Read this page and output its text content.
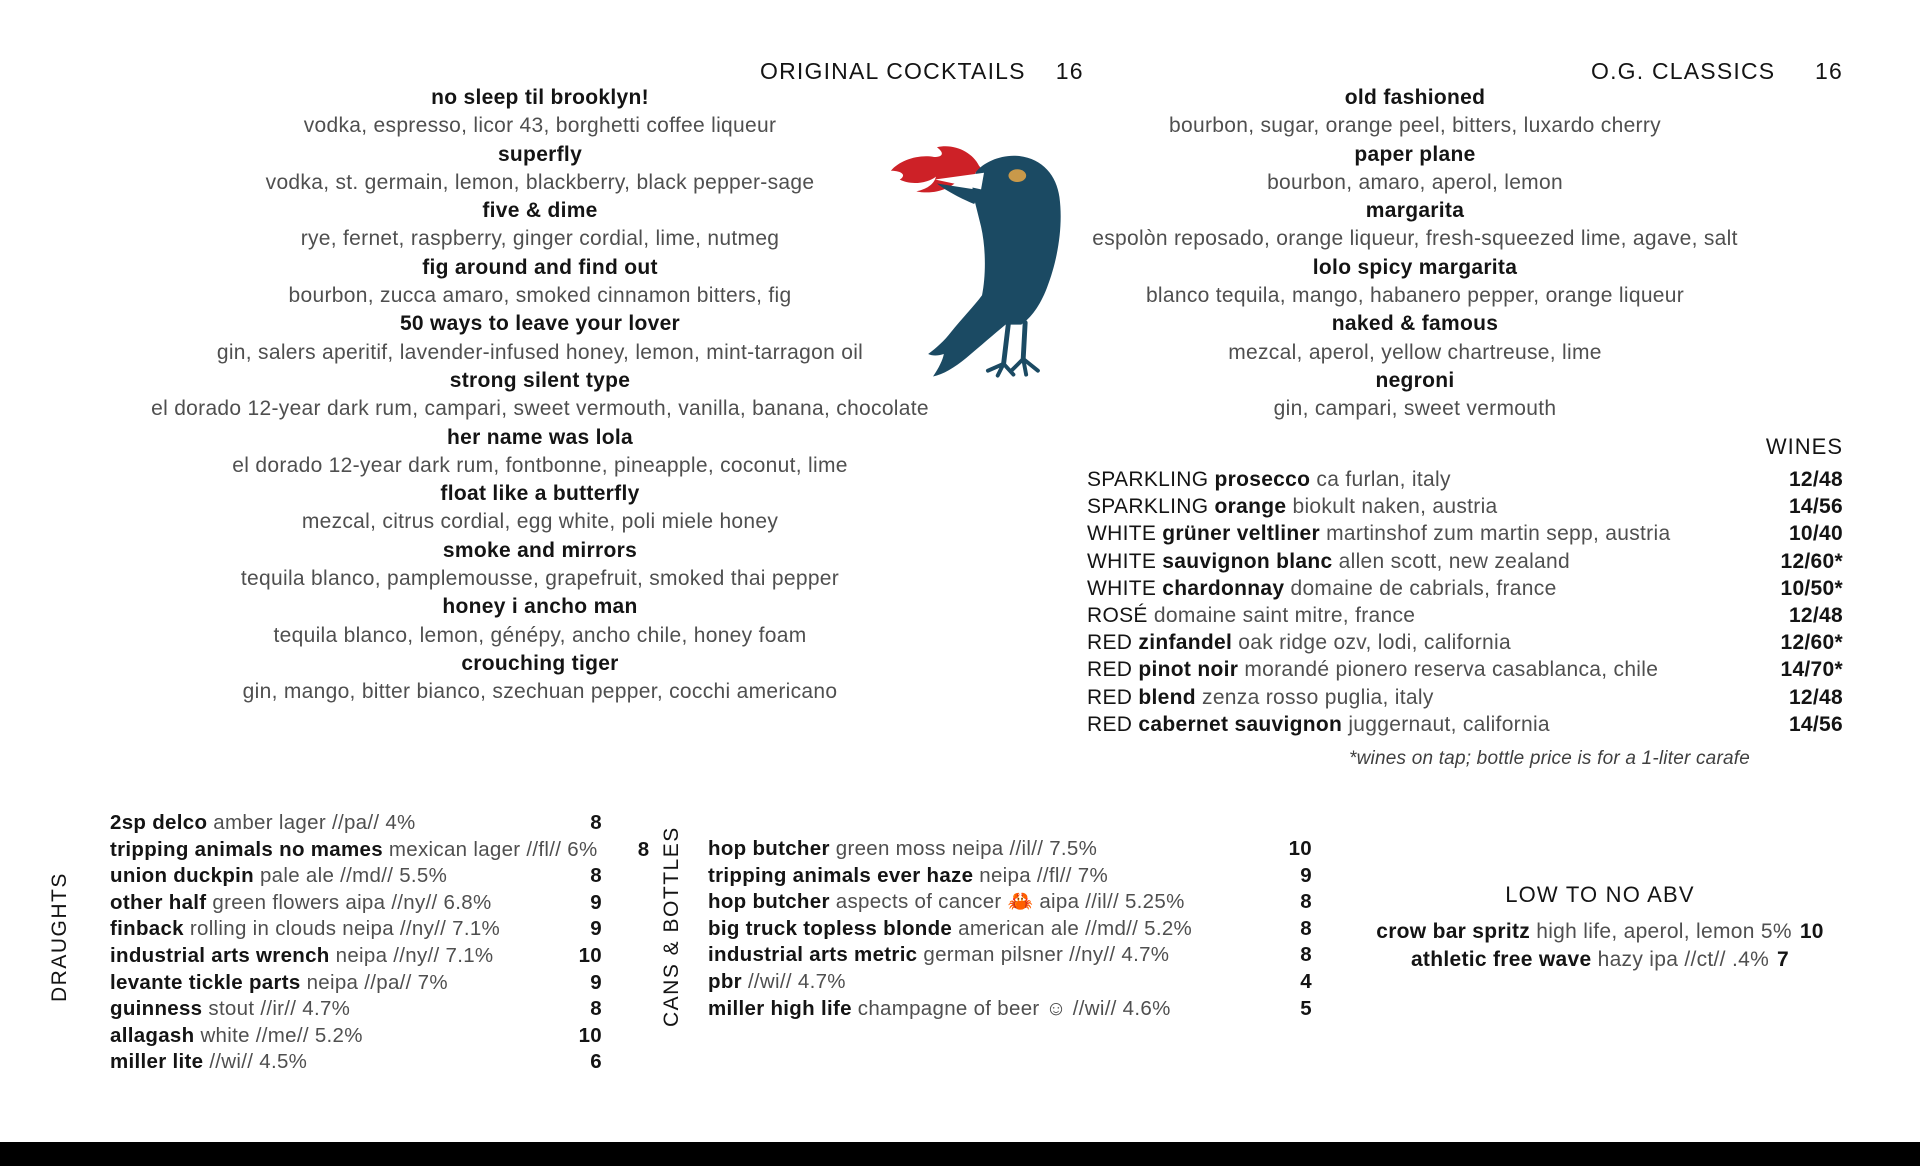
ORIGINAL COCKTAILS 16	O.G. CLASSICS 16
no sleep til brooklyn!
vodka, espresso, licor 43, borghetti coffee liqueur
superfly
vodka, st. germain, lemon, blackberry, black pepper-sage
five & dime
rye, fernet, raspberry, ginger cordial, lime, nutmeg
fig around and find out
bourbon, zucca amaro, smoked cinnamon bitters, fig
50 ways to leave your lover
gin, salers aperitif, lavender-infused honey, lemon, mint-tarragon oil
strong silent type
el dorado 12-year dark rum, campari, sweet vermouth, vanilla, banana, chocolate
her name was lola
el dorado 12-year dark rum, fontbonne, pineapple, coconut, lime
float like a butterfly
mezcal, citrus cordial, egg white, poli miele honey
smoke and mirrors
tequila blanco, pamplemousse, grapefruit, smoked thai pepper
honey i ancho man
tequila blanco, lemon, génépy, ancho chile, honey foam
crouching tiger
gin, mango, bitter bianco, szechuan pepper, cocchi americano
old fashioned
bourbon, sugar, orange peel, bitters, luxardo cherry
paper plane
bourbon, amaro, aperol, lemon
margarita
espolòn reposado, orange liqueur, fresh-squeezed lime, agave, salt
lolo spicy margarita
blanco tequila, mango, habanero pepper, orange liqueur
naked & famous
mezcal, aperol, yellow chartreuse, lime
negroni
gin, campari, sweet vermouth
WINES
SPARKLING prosecco ca furlan, italy	12/48
SPARKLING orange biokult naken, austria	14/56
WHITE grüner veltliner martinshof zum martin sepp, austria	10/40
WHITE sauvignon blanc allen scott, new zealand	12/60*
WHITE chardonnay domaine de cabrials, france	10/50*
ROSÉ domaine saint mitre, france	12/48
RED zinfandel oak ridge ozv, lodi, california	12/60*
RED pinot noir morandé pionero reserva casablanca, chile	14/70*
RED blend zenza rosso puglia, italy	12/48
RED cabernet sauvignon juggernaut, california	14/56
*wines on tap; bottle price is for a 1-liter carafe
DRAUGHTS
2sp delco amber lager //pa// 4%	8
tripping animals no mames mexican lager //fl// 6%	8
union duckpin pale ale //md// 5.5%	8
other half green flowers aipa //ny// 6.8%	9
finback rolling in clouds neipa //ny// 7.1%	9
industrial arts wrench neipa //ny// 7.1%	10
levante tickle parts neipa //pa// 7%	9
guinness stout //ir// 4.7%	8
allagash white //me// 5.2%	10
miller lite //wi// 4.5%	6
CANS & BOTTLES hop butcher green moss neipa //il// 7.5%	10
tripping animals ever haze neipa //fl// 7%	9
hop butcher aspects of cancer 🦀 aipa //il// 5.25%	8
big truck topless blonde american ale //md// 5.2%	8
industrial arts metric german pilsner //ny// 4.7%	8
pbr //wi// 4.7%	4
miller high life champagne of beer ☺ //wi// 4.6%	5
LOW TO NO ABV
crow bar spritz high life, aperol, lemon 5% 10
athletic free wave hazy ipa //ct// .4% 7
